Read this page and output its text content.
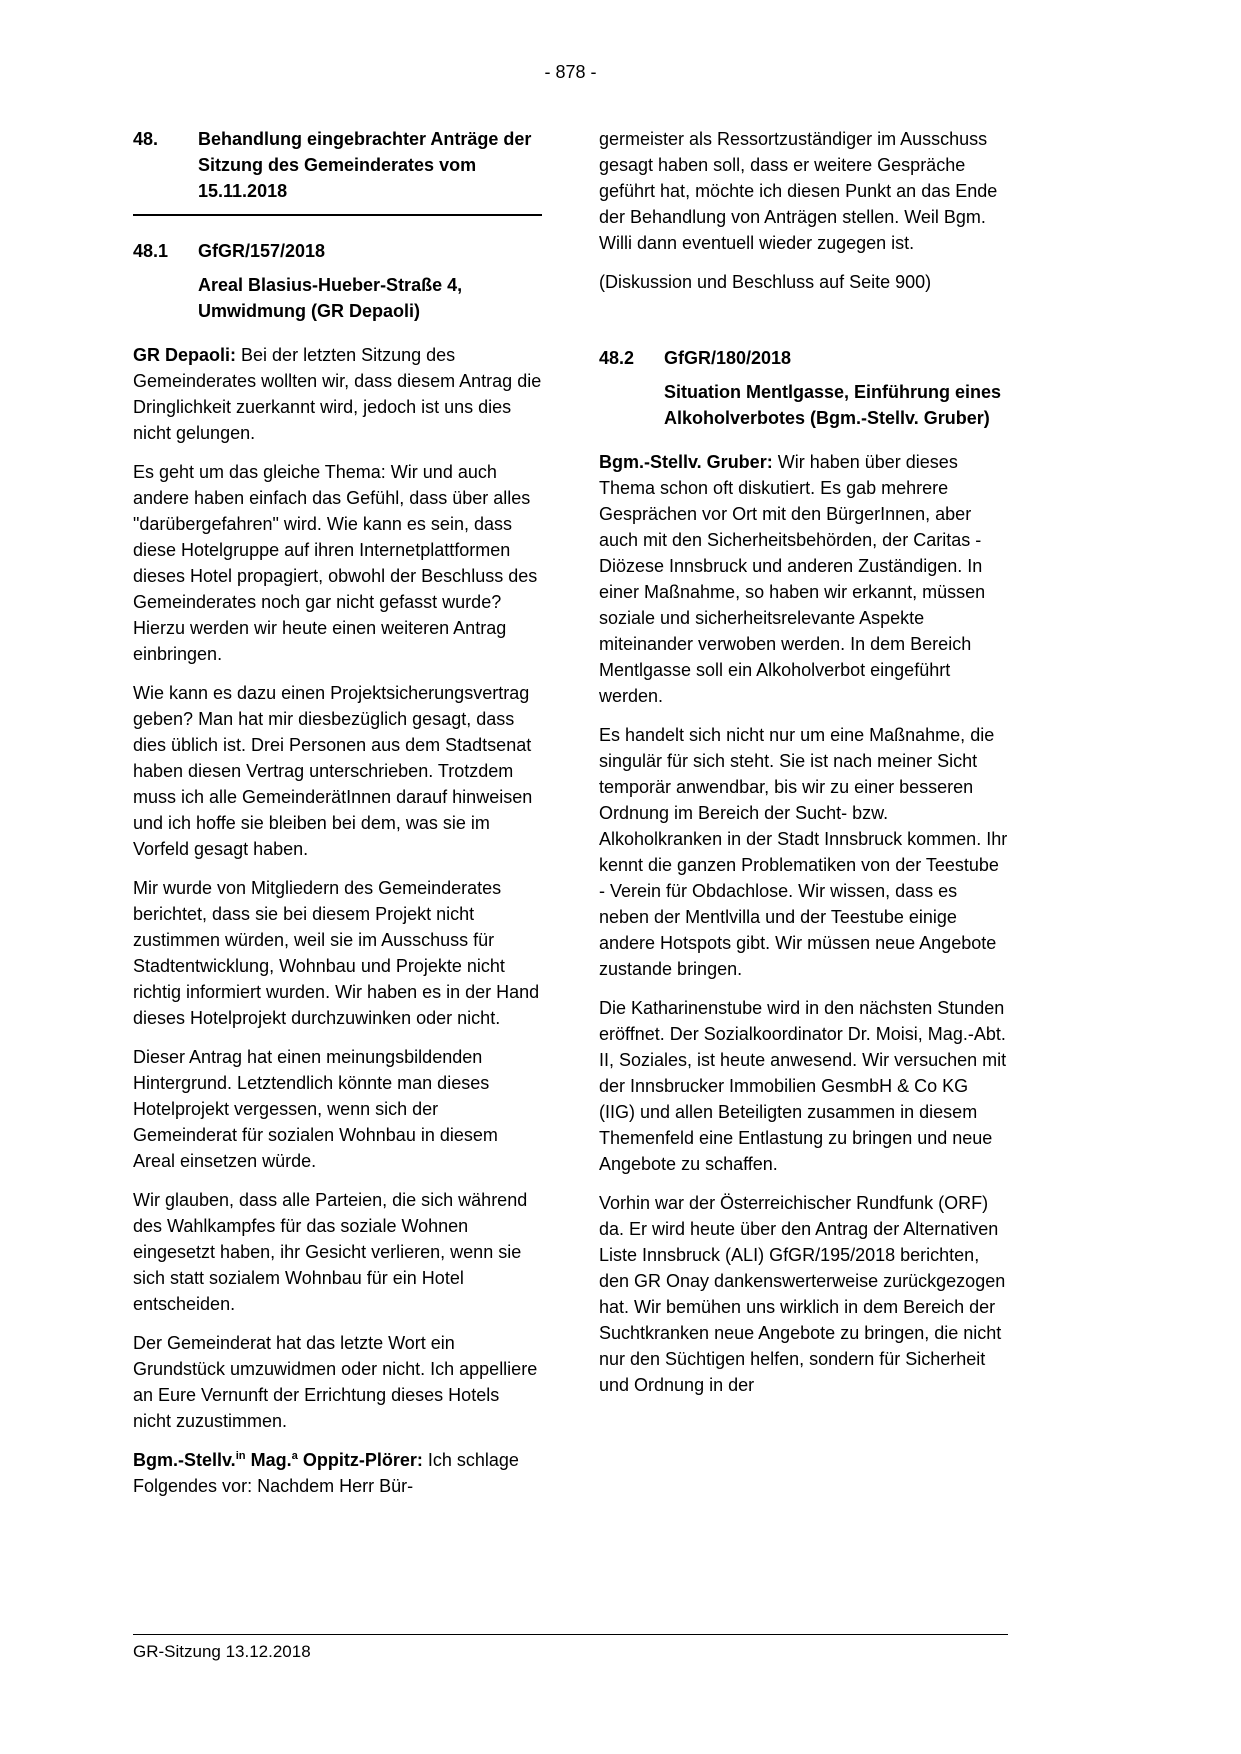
- 878 -
48.	Behandlung eingebrachter Anträge der Sitzung des Gemeinderates vom 15.11.2018
48.1	GfGR/157/2018
Areal Blasius-Hueber-Straße 4, Umwidmung (GR Depaoli)

GR Depaoli: Bei der letzten Sitzung des Gemeinderates wollten wir, dass diesem Antrag die Dringlichkeit zuerkannt wird, jedoch ist uns dies nicht gelungen.

Es geht um das gleiche Thema: Wir und auch andere haben einfach das Gefühl, dass über alles "darübergefahren" wird. Wie kann es sein, dass diese Hotelgruppe auf ihren Internetplattformen dieses Hotel propagiert, obwohl der Beschluss des Gemeinderates noch gar nicht gefasst wurde? Hierzu werden wir heute einen weiteren Antrag einbringen.

Wie kann es dazu einen Projektsicherungsvertrag geben? Man hat mir diesbezüglich gesagt, dass dies üblich ist. Drei Personen aus dem Stadtsenat haben diesen Vertrag unterschrieben. Trotzdem muss ich alle GemeinderätInnen darauf hinweisen und ich hoffe sie bleiben bei dem, was sie im Vorfeld gesagt haben.

Mir wurde von Mitgliedern des Gemeinderates berichtet, dass sie bei diesem Projekt nicht zustimmen würden, weil sie im Ausschuss für Stadtentwicklung, Wohnbau und Projekte nicht richtig informiert wurden. Wir haben es in der Hand dieses Hotelprojekt durchzuwinken oder nicht.

Dieser Antrag hat einen meinungsbildenden Hintergrund. Letztendlich könnte man dieses Hotelprojekt vergessen, wenn sich der Gemeinderat für sozialen Wohnbau in diesem Areal einsetzen würde.

Wir glauben, dass alle Parteien, die sich während des Wahlkampfes für das soziale Wohnen eingesetzt haben, ihr Gesicht verlieren, wenn sie sich statt sozialem Wohnbau für ein Hotel entscheiden.

Der Gemeinderat hat das letzte Wort ein Grundstück umzuwidmen oder nicht. Ich appelliere an Eure Vernunft der Errichtung dieses Hotels nicht zuzustimmen.

Bgm.-Stellv.$^{in}$ Mag.$^a$ Oppitz-Plörer: Ich schlage Folgendes vor: Nachdem Herr Bür-

germeister als Ressortzuständiger im Ausschuss gesagt haben soll, dass er weitere Gespräche geführt hat, möchte ich diesen Punkt an das Ende der Behandlung von Anträgen stellen. Weil Bgm. Willi dann eventuell wieder zugegen ist.

(Diskussion und Beschluss auf Seite 900)

48.2	GfGR/180/2018
Situation Mentlgasse, Einführung eines Alkoholverbotes (Bgm.-Stellv. Gruber)

Bgm.-Stellv. Gruber: Wir haben über dieses Thema schon oft diskutiert. Es gab mehrere Gesprächen vor Ort mit den BürgerInnen, aber auch mit den Sicherheitsbehörden, der Caritas - Diözese Innsbruck und anderen Zuständigen. In einer Maßnahme, so haben wir erkannt, müssen soziale und sicherheitsrelevante Aspekte miteinander verwoben werden. In dem Bereich Mentlgasse soll ein Alkoholverbot eingeführt werden.

Es handelt sich nicht nur um eine Maßnahme, die singulär für sich steht. Sie ist nach meiner Sicht temporär anwendbar, bis wir zu einer besseren Ordnung im Bereich der Sucht- bzw. Alkoholkranken in der Stadt Innsbruck kommen. Ihr kennt die ganzen Problematiken von der Teestube - Verein für Obdachlose. Wir wissen, dass es neben der Mentlvilla und der Teestube einige andere Hotspots gibt. Wir müssen neue Angebote zustande bringen.

Die Katharinenstube wird in den nächsten Stunden eröffnet. Der Sozialkoordinator Dr. Moisi, Mag.-Abt. II, Soziales, ist heute anwesend. Wir versuchen mit der Innsbrucker Immobilien GesmbH & Co KG (IIG) und allen Beteiligten zusammen in diesem Themenfeld eine Entlastung zu bringen und neue Angebote zu schaffen.

Vorhin war der Österreichischer Rundfunk (ORF) da. Er wird heute über den Antrag der Alternativen Liste Innsbruck (ALI) GfGR/195/2018 berichten, den GR Onay dankenswerterweise zurückgezogen hat. Wir bemühen uns wirklich in dem Bereich der Suchtkranken neue Angebote zu bringen, die nicht nur den Süchtigen helfen, sondern für Sicherheit und Ordnung in der

GR-Sitzung 13.12.2018
